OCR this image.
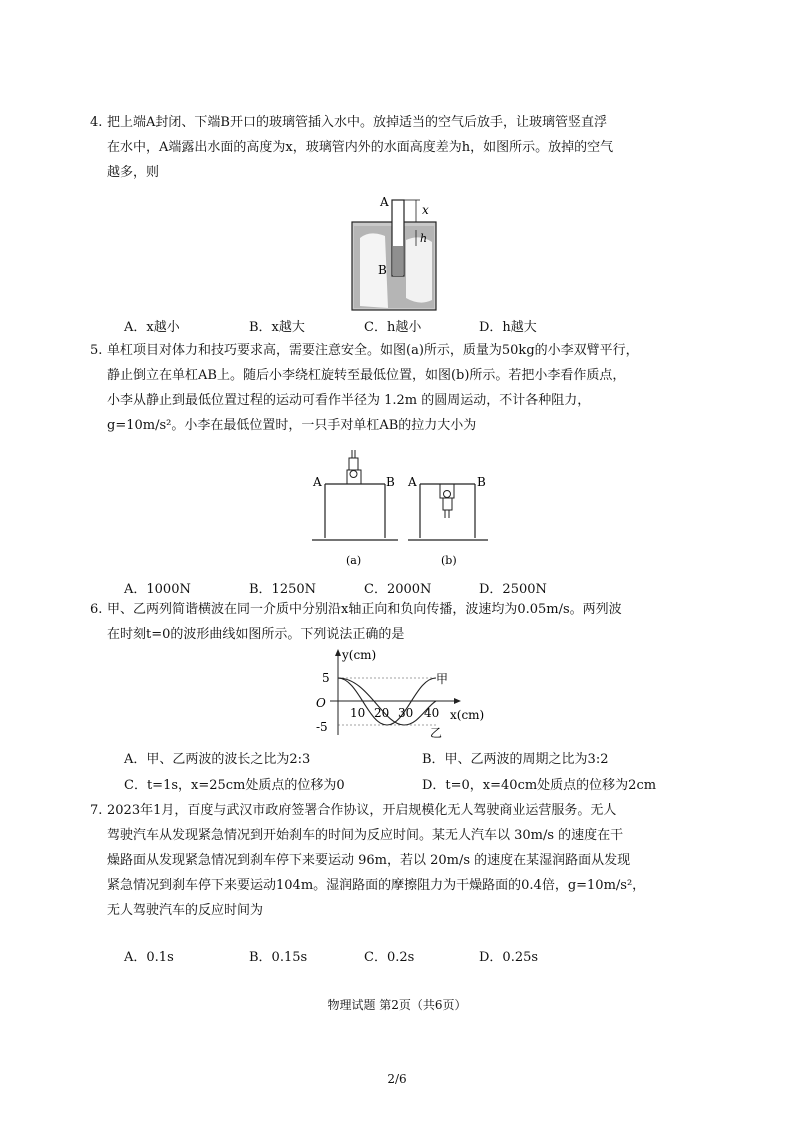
4. 把上端A封闭、下端B开口的玻璃管插入水中。放掉适当的空气后放手，让玻璃管竖直浮
在水中，A端露出水面的高度为x，玻璃管内外的水面高度差为h，如图所示。放掉的空气
越多，则
A
B
x
h
A．x越小	B．x越大	C．h越小	D．h越大
5. 单杠项目对体力和技巧要求高，需要注意安全。如图(a)所示，质量为50kg的小李双臂平行，
静止倒立在单杠AB上。随后小李绕杠旋转至最低位置，如图(b)所示。若把小李看作质点，
小李从静止到最低位置过程的运动可看作半径为 1.2m 的圆周运动，不计各种阻力，
g=10m/s²。小李在最低位置时，一只手对单杠AB的拉力大小为
A	B
(a)
A	B
(b)
A．1000N	B．1250N	C．2000N	D．2500N
6. 甲、乙两列简谐横波在同一介质中分别沿x轴正向和负向传播，波速均为0.05m/s。两列波
在时刻t=0的波形曲线如图所示。下列说法正确的是
y(cm)
x(cm)
O
5
-5
10 20 30 40
甲
乙
A．甲、乙两波的波长之比为2:3	B．甲、乙两波的周期之比为3:2
C．t=1s，x=25cm处质点的位移为0	D．t=0，x=40cm处质点的位移为2cm
7. 2023年1月，百度与武汉市政府签署合作协议，开启规模化无人驾驶商业运营服务。无人
驾驶汽车从发现紧急情况到开始刹车的时间为反应时间。某无人汽车以 30m/s 的速度在干
燥路面从发现紧急情况到刹车停下来要运动 96m，若以 20m/s 的速度在某湿润路面从发现
紧急情况到刹车停下来要运动104m。湿润路面的摩擦阻力为干燥路面的0.4倍，g=10m/s²，
无人驾驶汽车的反应时间为
A．0.1s	B．0.15s	C．0.2s	D．0.25s
物理试题 第2页（共6页）
2/6
